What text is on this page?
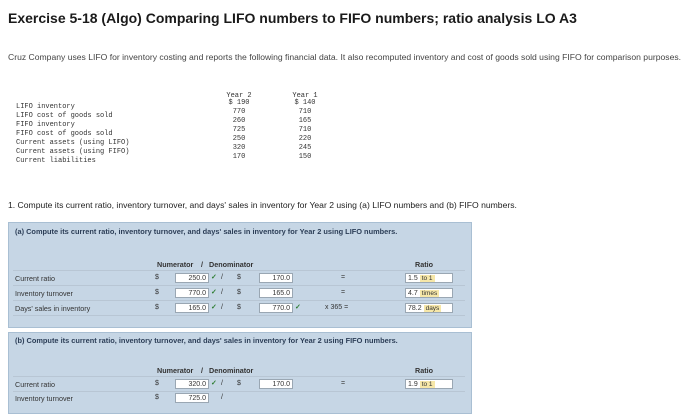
Exercise 5-18 (Algo) Comparing LIFO numbers to FIFO numbers; ratio analysis LO A3
Cruz Company uses LIFO for inventory costing and reports the following financial data. It also recomputed inventory and cost of goods sold using FIFO for comparison purposes.
Year 2	Year 1
LIFO inventory	$ 190	$ 140
LIFO cost of goods sold	770	710
FIFO inventory	260	165
FIFO cost of goods sold	725	710
Current assets (using LIFO)	250	220
Current assets (using FIFO)	320	245
Current liabilities	170	150
1. Compute its current ratio, inventory turnover, and days' sales in inventory for Year 2 using (a) LIFO numbers and (b) FIFO numbers.
(a) Compute its current ratio, inventory turnover, and days' sales in inventory for Year 2 using LIFO numbers.
Numerator / Denominator	Ratio
Current ratio	$	250.0 ✓ / $	170.0	=	1.5 to 1
Inventory turnover	$	770.0 ✓ / $	165.0	=	4.7 times
Days' sales in inventory	$	165.0 ✓ / $	770.0 ✓	x 365 =	78.2 days
(b) Compute its current ratio, inventory turnover, and days' sales in inventory for Year 2 using FIFO numbers.
Numerator / Denominator	Ratio
Current ratio	$	320.0 ✓ / $	170.0	=	1.9 to 1
Inventory turnover	$	725.0	/
